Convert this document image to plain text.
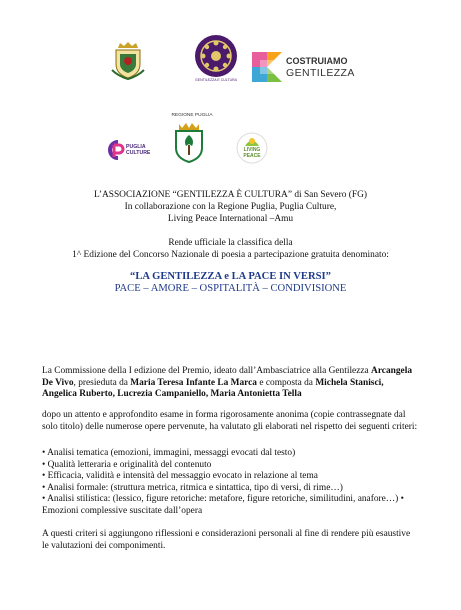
GENTILEZZA E CULTURA
COSTRUIAMO
GENTILEZZA
REGIONE PUGLIA
PUGLIA
CULTURE	LIVING
PEACE
L’ASSOCIAZIONE “GENTILEZZA È CULTURA” di San Severo (FG)
In collaborazione con la Regione Puglia, Puglia Culture,
Living Peace International –Amu
Rende ufficiale la classifica della
1^ Edizione del Concorso Nazionale di poesia a partecipazione gratuita denominato:
“LA GENTILEZZA e LA PACE IN VERSI”
PACE – AMORE – OSPITALITÀ – CONDIVISIONE
La Commissione della I edizione del Premio, ideato dall’Ambasciatrice alla Gentilezza Arcangela
De Vivo, presieduta da Maria Teresa Infante La Marca e composta da Michela Stanisci,
Angelica Ruberto, Lucrezia Campaniello, Maria Antonietta Tella
dopo un attento e approfondito esame in forma rigorosamente anonima (copie contrassegnate dal
solo titolo) delle numerose opere pervenute, ha valutato gli elaborati nel rispetto dei seguenti criteri:
• Analisi tematica (emozioni, immagini, messaggi evocati dal testo)
• Qualità letteraria e originalità del contenuto
• Efficacia, validità e intensità del messaggio evocato in relazione al tema
• Analisi formale: (struttura metrica, ritmica e sintattica, tipo di versi, di rime…)
• Analisi stilistica: (lessico, figure retoriche: metafore, figure retoriche, similitudini, anafore…) •
Emozioni complessive suscitate dall’opera
A questi criteri si aggiungono riflessioni e considerazioni personali al fine di rendere più esaustive
le valutazioni dei componimenti.
